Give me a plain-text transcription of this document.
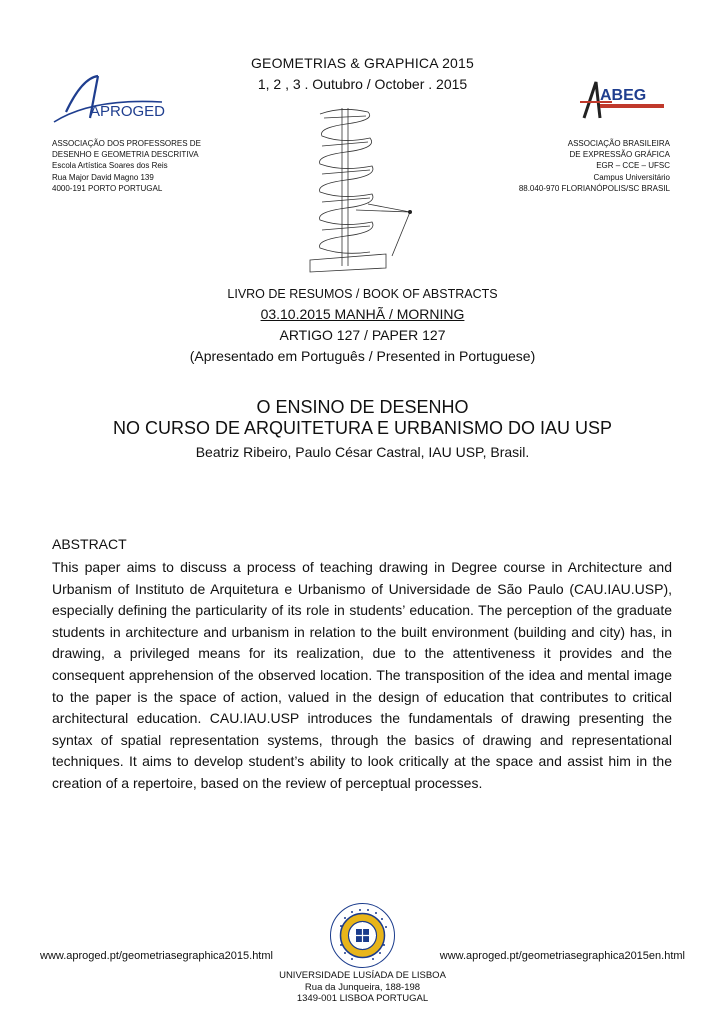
GEOMETRIAS & GRAPHICA 2015
1, 2 , 3 . Outubro / October . 2015
APROGED
ABEG
ASSOCIAÇÃO DOS PROFESSORES DE
DESENHO E GEOMETRIA DESCRITIVA
Escola Artística Soares dos Reis
Rua Major David Magno 139
4000-191 PORTO PORTUGAL
ASSOCIAÇÃO BRASILEIRA
DE EXPRESSÃO GRÁFICA
EGR – CCE – UFSC
Campus Universitário
88.040-970 FLORIANÓPOLIS/SC BRASIL
LIVRO DE RESUMOS / BOOK OF ABSTRACTS
03.10.2015 MANHÃ / MORNING
ARTIGO 127 / PAPER 127
(Apresentado em Português / Presented in Portuguese)
O ENSINO DE DESENHO
NO CURSO DE ARQUITETURA E URBANISMO DO IAU USP
Beatriz Ribeiro, Paulo César Castral, IAU USP, Brasil.
ABSTRACT
This paper aims to discuss a process of teaching drawing in Degree course in Architecture and Urbanism of Instituto de Arquitetura e Urbanismo of Universidade de São Paulo (CAU.IAU.USP), especially defining the particularity of its role in students’ education. The perception of the graduate students in architecture and urbanism in relation to the built environment (building and city) has, in drawing, a privileged means for its realization, due to the attentiveness it provides and the consequent apprehension of the observed location. The transposition of the idea and mental image to the paper is the space of action, valued in the design of education that contributes to critical architectural education. CAU.IAU.USP introduces the fundamentals of drawing presenting the syntax of spatial representation systems, through the basics of drawing and representational techniques. It aims to develop student’s ability to look critically at the space and assist him in the creation of a repertoire, based on the review of perceptual processes.
www.aproged.pt/geometriasegraphica2015.html	www.aproged.pt/geometriasegraphica2015en.html
UNIVERSIDADE LUSÍADA DE LISBOA
Rua da Junqueira, 188-198
1349-001 LISBOA PORTUGAL
